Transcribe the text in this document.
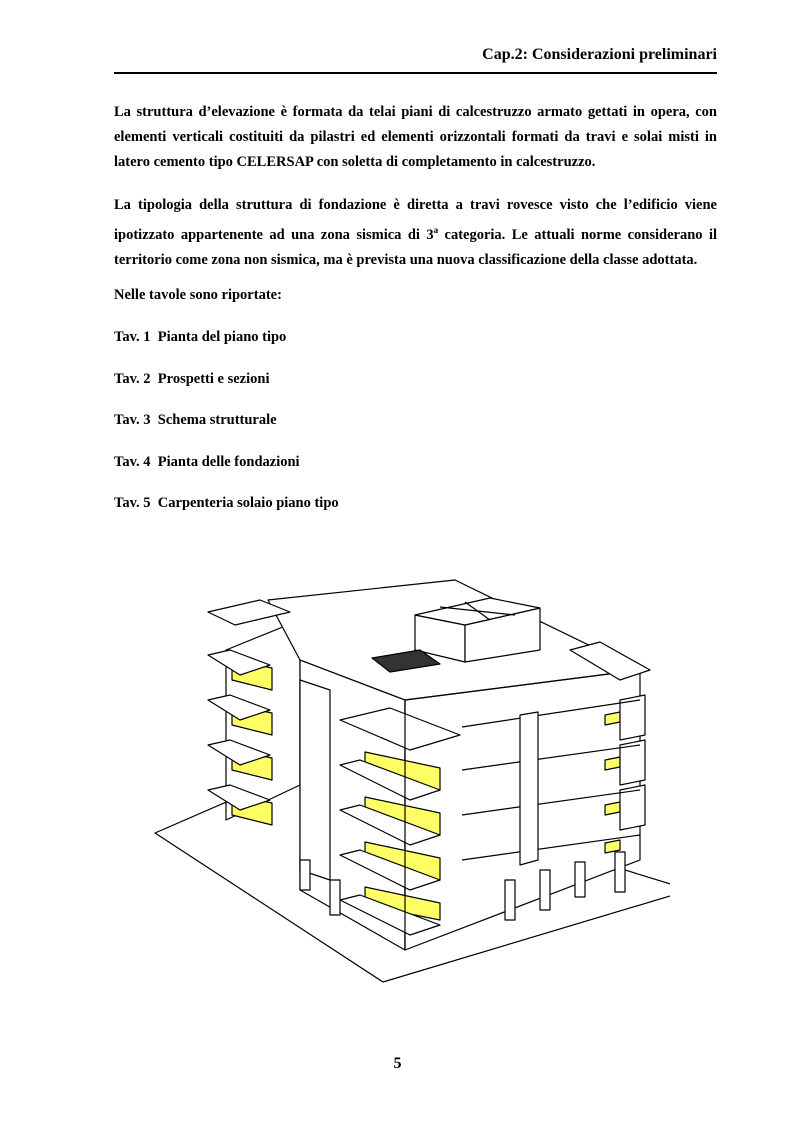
Cap.2: Considerazioni preliminari
La struttura d’elevazione è formata da telai piani di calcestruzzo armato gettati in opera, con elementi verticali costituiti da pilastri ed elementi orizzontali formati da travi e solai misti in latero cemento tipo CELERSAP con soletta di completamento in calcestruzzo.
La tipologia della struttura di fondazione è diretta a travi rovesce visto che l’edificio viene ipotizzato appartenente ad una zona sismica di 3$^a$ categoria. Le attuali norme considerano il territorio come zona non sismica, ma è prevista una nuova classificazione della classe adottata.
Nelle tavole sono riportate:
Tav. 1  Pianta del piano tipo
Tav. 2  Prospetti e sezioni
Tav. 3  Schema strutturale
Tav. 4  Pianta delle fondazioni
Tav. 5  Carpenteria solaio piano tipo
5
